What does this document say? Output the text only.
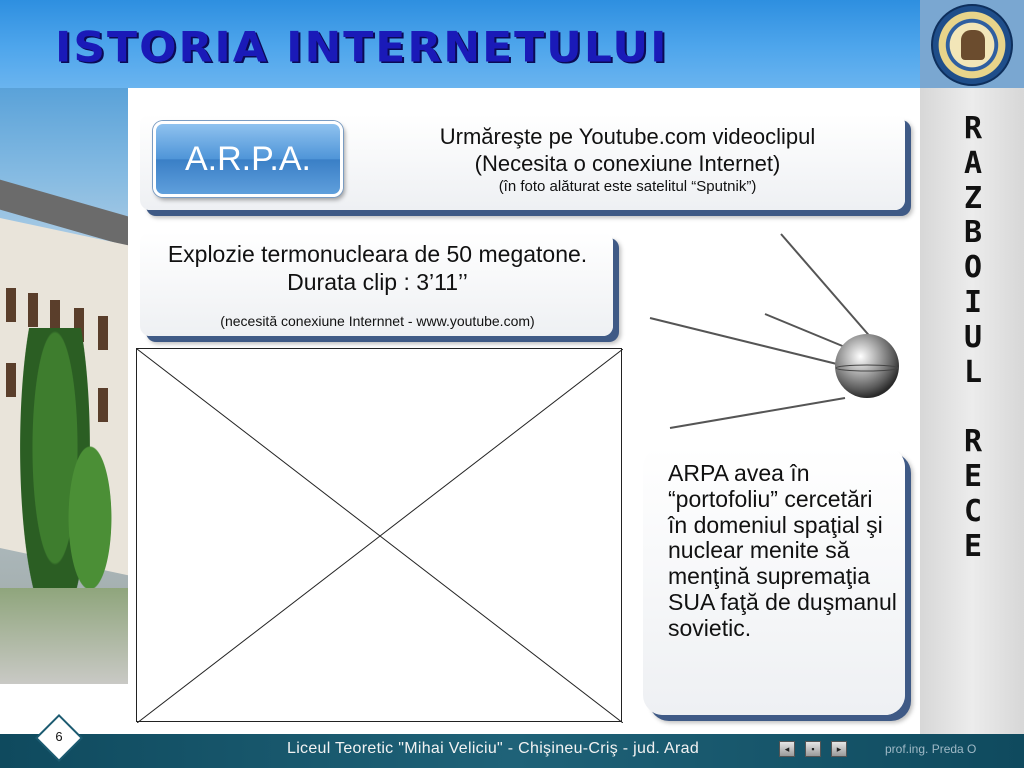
ISTORIA INTERNETULUI
R
A
Z
B
O
I
U
L

R
E
C
E
A.R.P.A.
Urmăreşte pe Youtube.com videoclipul
(Necesita o conexiune Internet)
(în foto alăturat este satelitul “Sputnik”)
Explozie termonucleara de 50 megatone. Durata clip : 3’11’’
(necesită conexiune Internnet - www.youtube.com)
ARPA avea în “portofoliu” cercetări în domeniul spaţial şi nuclear menite să menţină supremaţia SUA faţă de duşmanul sovietic.
6
Liceul Teoretic "Mihai Veliciu" - Chişineu-Criş - jud. Arad	◂	▪	▸	prof.ing. Preda O
